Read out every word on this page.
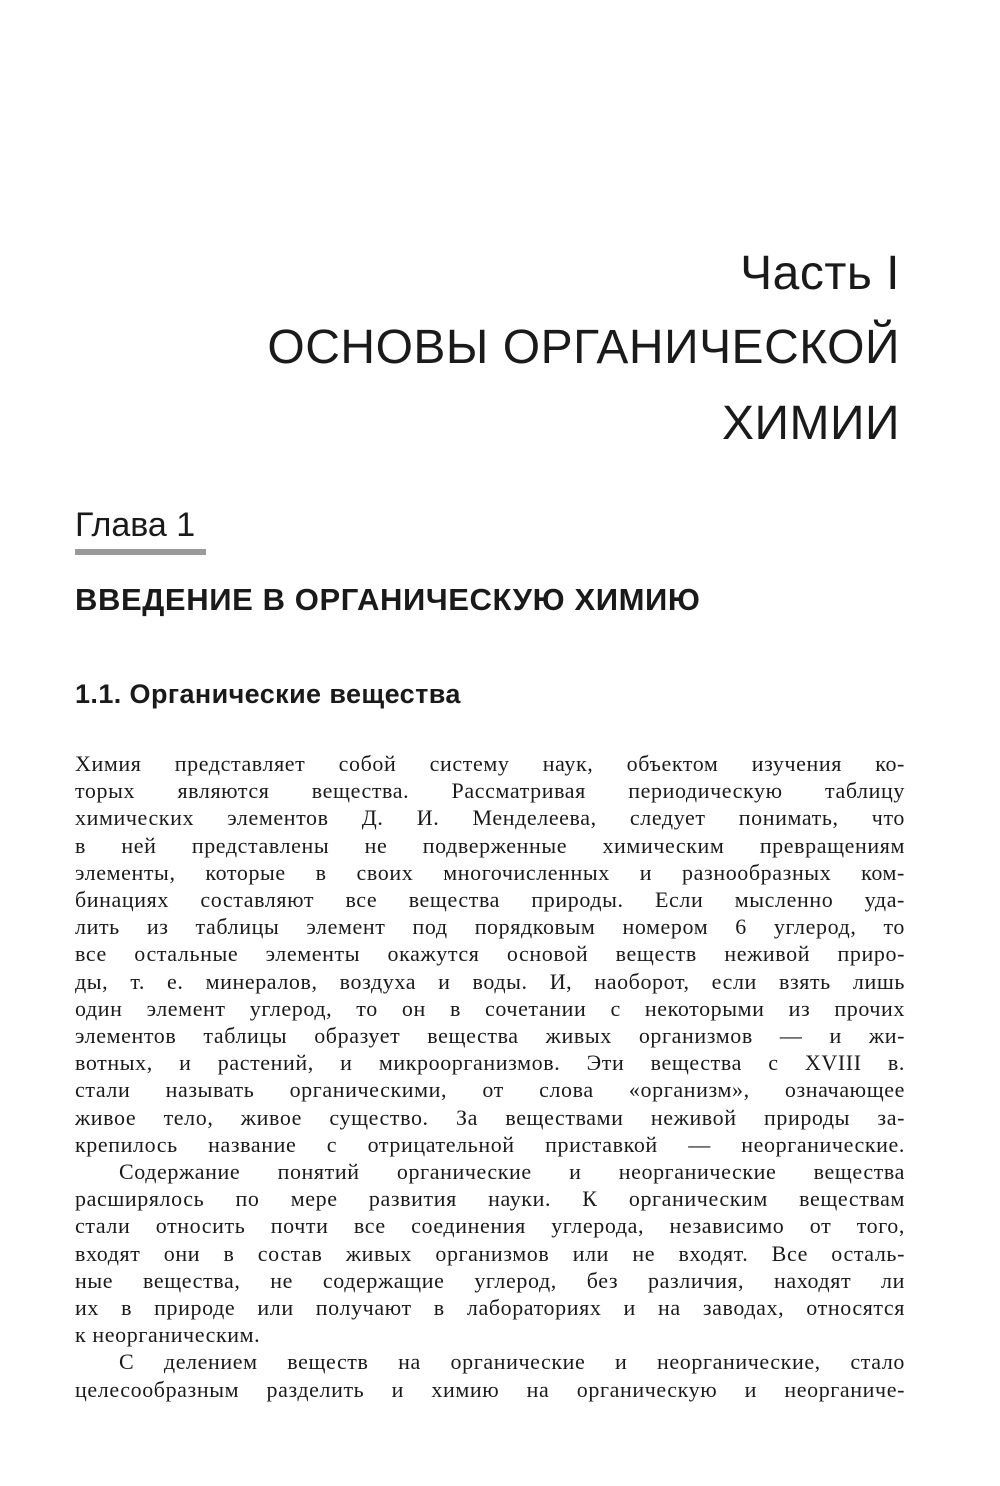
Часть I

ОСНОВЫ ОРГАНИЧЕСКОЙ

ХИМИИ

Глава 1

ВВЕДЕНИЕ В ОРГАНИЧЕСКУЮ ХИМИЮ
1.1. Органические вещества
Химия представляет собой систему наук, объектом изучения ко-
торых являются вещества. Рассматривая периодическую таблицу
химических элементов Д. И. Менделеева, следует понимать, что
в ней представлены не подверженные химическим превращениям
элементы, которые в своих многочисленных и разнообразных ком-
бинациях составляют все вещества природы. Если мысленно уда-
лить из таблицы элемент под порядковым номером 6 углерод, то
все остальные элементы окажутся основой веществ неживой приро-
ды, т. е. минералов, воздуха и воды. И, наоборот, если взять лишь
один элемент углерод, то он в сочетании с некоторыми из прочих
элементов таблицы образует вещества живых организмов — и жи-
вотных, и растений, и микроорганизмов. Эти вещества с XVIII в.
стали называть органическими, от слова «организм», означающее
живое тело, живое существо. За веществами неживой природы за-
крепилось название с отрицательной приставкой — неорганические.
Содержание понятий органические и неорганические вещества
расширялось по мере развития науки. К органическим веществам
стали относить почти все соединения углерода, независимо от того,
входят они в состав живых организмов или не входят. Все осталь-
ные вещества, не содержащие углерод, без различия, находят ли
их в природе или получают в лабораториях и на заводах, относятся
к неорганическим.
С делением веществ на органические и неорганические, стало
целесообразным разделить и химию на органическую и неорганиче-
